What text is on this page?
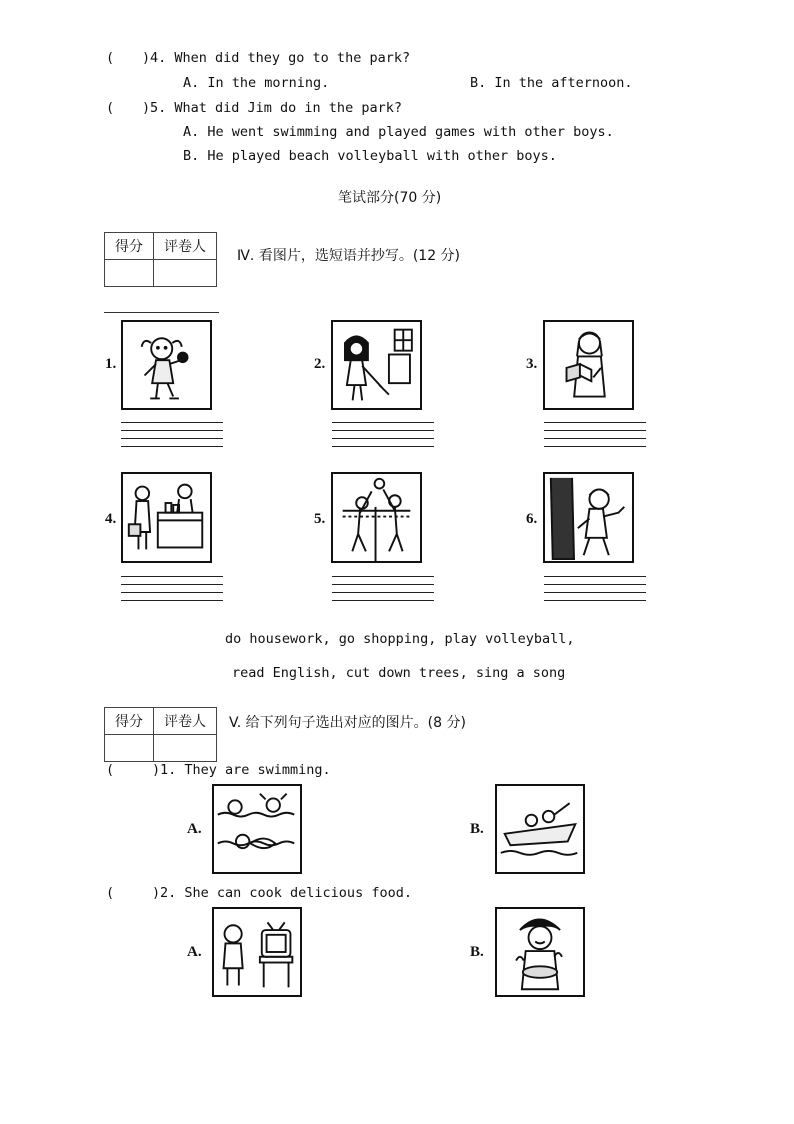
( ) 4. When did they go to the park?
A. In the morning.	B. In the afternoon.
( ) 5. What did Jim do in the park?
A. He went swimming and played games with other boys.
B. He played beach volleyball with other boys.
笔试部分(70 分)
得分	评卷人

Ⅳ. 看图片，选短语并抄写。(12 分)
1.	2.	3.
4.	5.	6.
do housework, go shopping, play volleyball,
read English, cut down trees, sing a song
得分	评卷人
	V. 给下列句子选出对应的图片。(8 分)
(	) 1. They are swimming.
A.	B.
(	) 2. She can cook delicious food.
A.	B.
